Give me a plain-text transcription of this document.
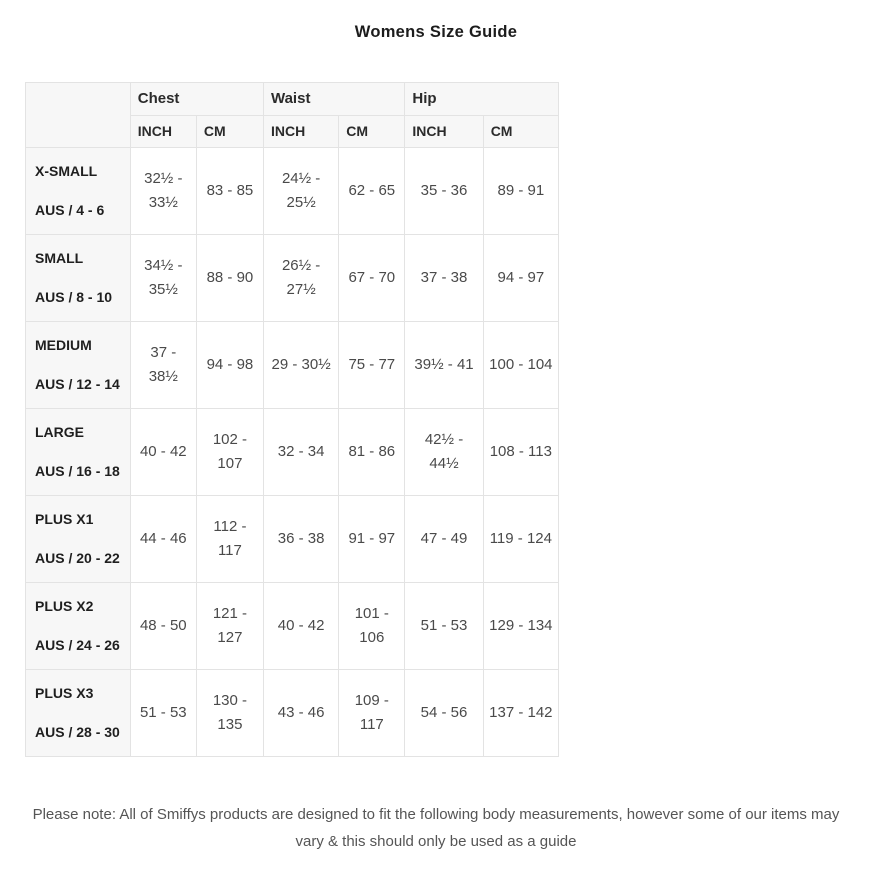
Womens Size Guide
	Chest		Waist		Hip	
	INCH	CM	INCH	CM	INCH	CM

X-SMALL

AUS / 4 - 6	32½ - 33½	83 - 85	24½ - 25½	62 - 65	35 - 36	89 - 91

SMALL

AUS / 8 - 10	34½ - 35½	88 - 90	26½ - 27½	67 - 70	37 - 38	94 - 97

MEDIUM

AUS / 12 - 14	37 - 38½	94 - 98	29 - 30½	75 - 77	39½ - 41	100 - 104

LARGE

AUS / 16 - 18	40 - 42	102 - 107	32 - 34	81 - 86	42½ - 44½	108 - 113

PLUS X1

AUS / 20 - 22	44 - 46	112 - 117	36 - 38	91 - 97	47 - 49	119 - 124

PLUS X2

AUS / 24 - 26	48 - 50	121 - 127	40 - 42	101 - 106	51 - 53	129 - 134

PLUS X3

AUS / 28 - 30	51 - 53	130 - 135	43 - 46	109 - 117	54 - 56	137 - 142
Please note: All of Smiffys products are designed to fit the following body measurements, however some of our items may vary & this should only be used as a guide
